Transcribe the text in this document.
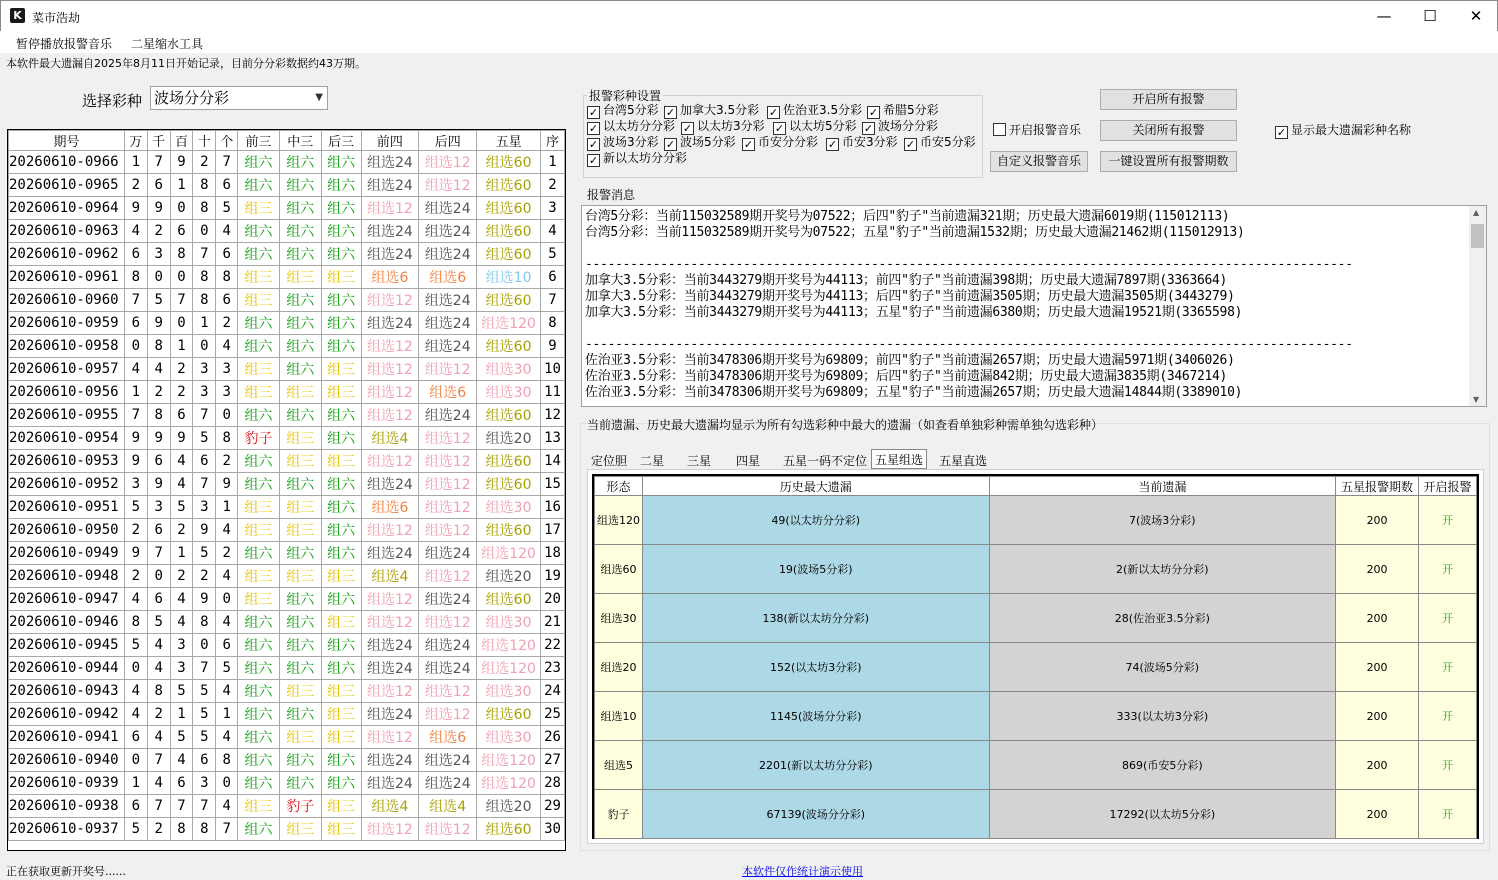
K 菜市浩劫	—	☐	✕
暂停播放报警音乐 二星缩水工具
本软件最大遗漏自2025年8月11日开始记录，目前分分彩数据约43万期。
选择彩种 波场分分彩	▼
期号	万	千	百	十	个	前三	中三	后三	前四	后四	五星	序
20260610-0966	1	7	9	2	7	组六	组六	组六	组选24	组选12	组选60	1
20260610-0965	2	6	1	8	6	组六	组六	组六	组选24	组选12	组选60	2
20260610-0964	9	9	0	8	5	组三	组六	组六	组选12	组选24	组选60	3
20260610-0963	4	2	6	0	4	组六	组六	组六	组选24	组选24	组选60	4
20260610-0962	6	3	8	7	6	组六	组六	组六	组选24	组选24	组选60	5
20260610-0961	8	0	0	8	8	组三	组三	组三	组选6	组选6	组选10	6
20260610-0960	7	5	7	8	6	组三	组六	组六	组选12	组选24	组选60	7
20260610-0959	6	9	0	1	2	组六	组六	组六	组选24	组选24	组选120	8
20260610-0958	0	8	1	0	4	组六	组六	组六	组选12	组选24	组选60	9
20260610-0957	4	4	2	3	3	组三	组六	组三	组选12	组选12	组选30	10
20260610-0956	1	2	2	3	3	组三	组三	组三	组选12	组选6	组选30	11
20260610-0955	7	8	6	7	0	组六	组六	组六	组选12	组选24	组选60	12
20260610-0954	9	9	9	5	8	豹子	组三	组六	组选4	组选12	组选20	13
20260610-0953	9	6	4	6	2	组六	组三	组三	组选12	组选12	组选60	14
20260610-0952	3	9	4	7	9	组六	组六	组六	组选24	组选12	组选60	15
20260610-0951	5	3	5	3	1	组三	组三	组六	组选6	组选12	组选30	16
20260610-0950	2	6	2	9	4	组三	组三	组六	组选12	组选12	组选60	17
20260610-0949	9	7	1	5	2	组六	组六	组六	组选24	组选24	组选120	18
20260610-0948	2	0	2	2	4	组三	组三	组三	组选4	组选12	组选20	19
20260610-0947	4	6	4	9	0	组三	组六	组六	组选12	组选24	组选60	20
20260610-0946	8	5	4	8	4	组六	组六	组三	组选12	组选12	组选30	21
20260610-0945	5	4	3	0	6	组六	组六	组六	组选24	组选24	组选120	22
20260610-0944	0	4	3	7	5	组六	组六	组六	组选24	组选24	组选120	23
20260610-0943	4	8	5	5	4	组六	组三	组三	组选12	组选12	组选30	24
20260610-0942	4	2	1	5	1	组六	组六	组三	组选24	组选12	组选60	25
20260610-0941	6	4	5	5	4	组六	组三	组三	组选12	组选6	组选30	26
20260610-0940	0	7	4	6	8	组六	组六	组六	组选24	组选24	组选120	27
20260610-0939	1	4	6	3	0	组六	组六	组六	组选24	组选24	组选120	28
20260610-0938	6	7	7	7	4	组三	豹子	组三	组选4	组选4	组选20	29
20260610-0937	5	2	8	8	7	组六	组三	组三	组选12	组选12	组选60	30
报警彩种设置
✓ 台湾5分彩 ✓ 加拿大3.5分彩 ✓ 佐治亚3.5分彩 ✓ 希腊5分彩
✓ 以太坊分分彩 ✓ 以太坊3分彩 ✓ 以太坊5分彩 ✓ 波场分分彩
✓ 波场3分彩 ✓ 波场5分彩 ✓ 币安分分彩 ✓ 币安3分彩 ✓ 币安5分彩
✓ 新以太坊分分彩
开启所有报警
关闭所有报警
自定义报警音乐	一键设置所有报警期数
开启报警音乐	✓ 显示最大遗漏彩种名称
报警消息
台湾5分彩：当前115032589期开奖号为07522；后四"豹子"当前遗漏321期；历史最大遗漏6019期(115012113)
台湾5分彩：当前115032589期开奖号为07522；五星"豹子"当前遗漏1532期；历史最大遗漏21462期(115012913)
------------------------------------------------------------------------------------------------------
加拿大3.5分彩：当前3443279期开奖号为44113；前四"豹子"当前遗漏398期；历史最大遗漏7897期(3363664)
加拿大3.5分彩：当前3443279期开奖号为44113；后四"豹子"当前遗漏3505期；历史最大遗漏3505期(3443279)
加拿大3.5分彩：当前3443279期开奖号为44113；五星"豹子"当前遗漏6380期；历史最大遗漏19521期(3365598)
------------------------------------------------------------------------------------------------------
佐治亚3.5分彩：当前3478306期开奖号为69809；前四"豹子"当前遗漏2657期；历史最大遗漏5971期(3406026)
佐治亚3.5分彩：当前3478306期开奖号为69809；后四"豹子"当前遗漏842期；历史最大遗漏3835期(3467214)
佐治亚3.5分彩：当前3478306期开奖号为69809；五星"豹子"当前遗漏2657期；历史最大遗漏14844期(3389010)
▲
▼
当前遗漏、历史最大遗漏均显示为所有勾选彩种中最大的遗漏（如查看单独彩种需单独勾选彩种）
定位胆 二星 三星 四星 五星一码不定位 五星组选	五星直选
形态	历史最大遗漏	当前遗漏	五星报警期数	开启报警
组选120	49(以太坊分分彩)	7(波场3分彩)	200	开
组选60	19(波场5分彩)	2(新以太坊分分彩)	200	开
组选30	138(新以太坊分分彩)	28(佐治亚3.5分彩)	200	开
组选20	152(以太坊3分彩)	74(波场5分彩)	200	开
组选10	1145(波场分分彩)	333(以太坊3分彩)	200	开
组选5	2201(新以太坊分分彩)	869(币安5分彩)	200	开
豹子	67139(波场分分彩)	17292(以太坊5分彩)	200	开
正在获取更新开奖号......	本软件仅作统计演示使用
